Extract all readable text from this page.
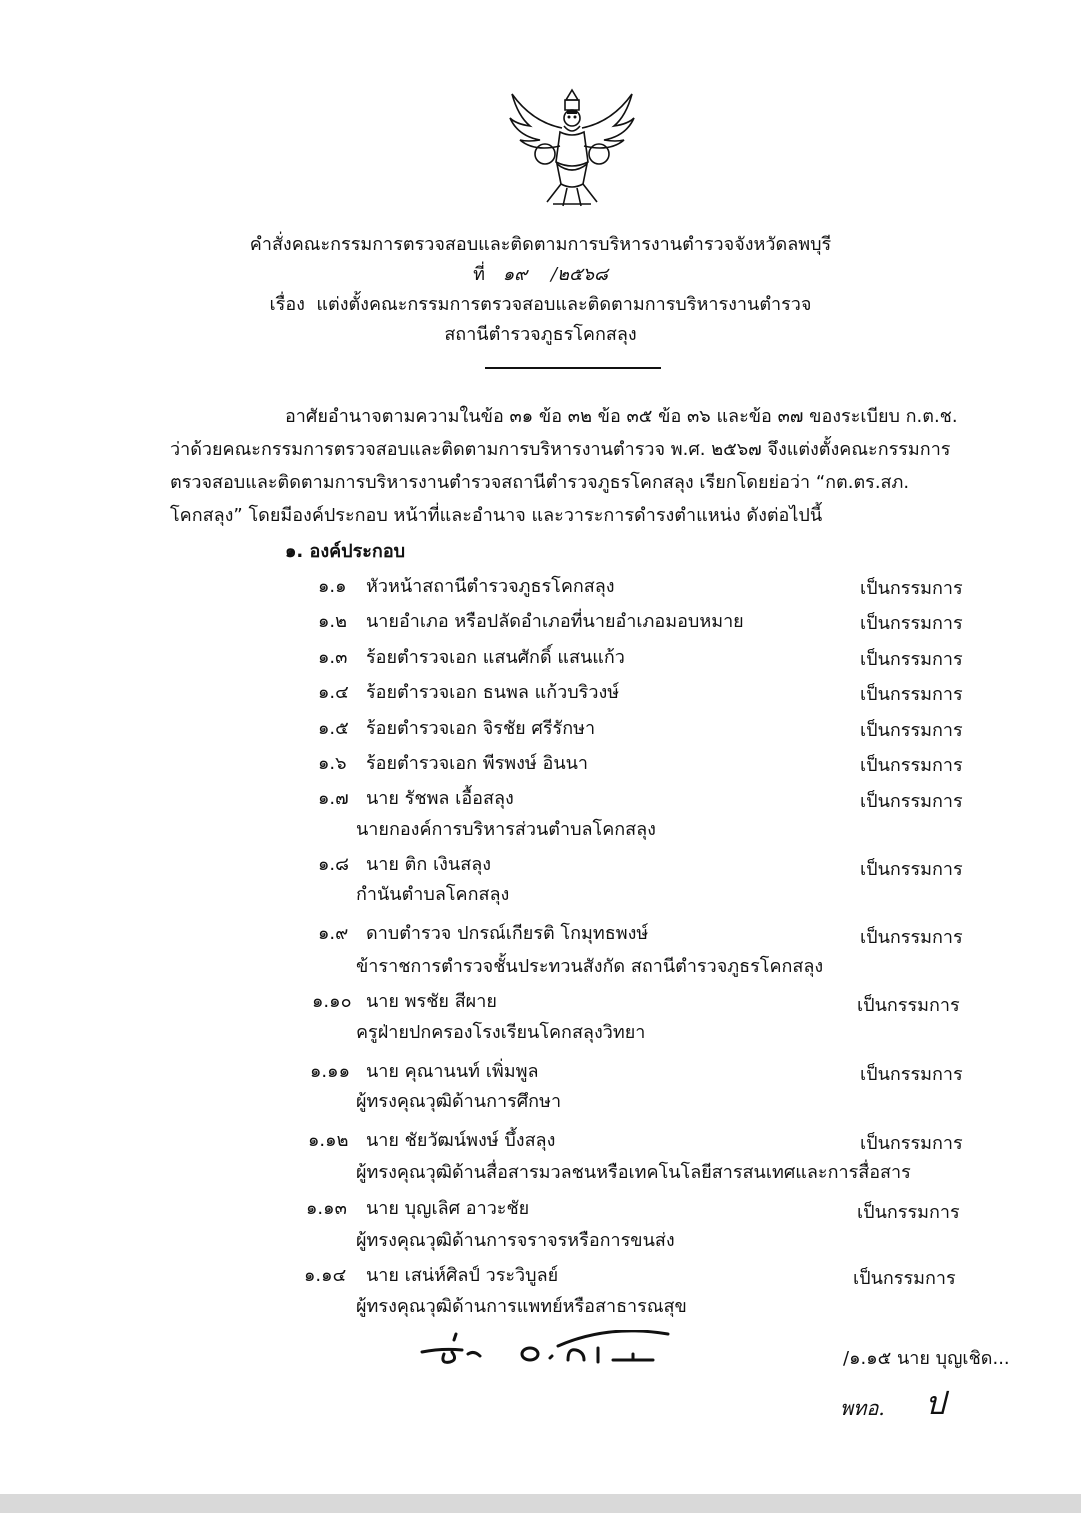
คำสั่งคณะกรรมการตรวจสอบและติดตามการบริหารงานตำรวจจังหวัดลพบุรี
ที่ ๑๙ /๒๕๖๘
เรื่อง แต่งตั้งคณะกรรมการตรวจสอบและติดตามการบริหารงานตำรวจ
สถานีตำรวจภูธรโคกสลุง
อาศัยอำนาจตามความในข้อ ๓๑ ข้อ ๓๒ ข้อ ๓๕ ข้อ ๓๖ และข้อ ๓๗ ของระเบียบ ก.ต.ช.
ว่าด้วยคณะกรรมการตรวจสอบและติดตามการบริหารงานตำรวจ พ.ศ. ๒๕๖๗ จึงแต่งตั้งคณะกรรมการ
ตรวจสอบและติดตามการบริหารงานตำรวจสถานีตำรวจภูธรโคกสลุง เรียกโดยย่อว่า “กต.ตร.สภ.
โคกสลุง” โดยมีองค์ประกอบ หน้าที่และอำนาจ และวาระการดำรงตำแหน่ง ดังต่อไปนี้
๑. องค์ประกอบ
๑.๑ หัวหน้าสถานีตำรวจภูธรโคกสลุง	เป็นกรรมการ
๑.๒ นายอำเภอ หรือปลัดอำเภอที่นายอำเภอมอบหมาย	เป็นกรรมการ
๑.๓ ร้อยตำรวจเอก แสนศักดิ์ แสนแก้ว	เป็นกรรมการ
๑.๔ ร้อยตำรวจเอก ธนพล แก้วบริวงษ์	เป็นกรรมการ
๑.๕ ร้อยตำรวจเอก จิรชัย ศรีรักษา	เป็นกรรมการ
๑.๖ ร้อยตำรวจเอก พีรพงษ์ อินนา	เป็นกรรมการ
๑.๗ นาย รัชพล เอื้อสลุง
นายกองค์การบริหารส่วนตำบลโคกสลุง
เป็นกรรมการ
๑.๘ นาย ติก เงินสลุง
กำนันตำบลโคกสลุง
เป็นกรรมการ
๑.๙ ดาบตำรวจ ปกรณ์เกียรติ โกมุทธพงษ์
ข้าราชการตำรวจชั้นประทวนสังกัด สถานีตำรวจภูธรโคกสลุง
เป็นกรรมการ
๑.๑๐ นาย พรชัย สีผาย
ครูฝ่ายปกครองโรงเรียนโคกสลุงวิทยา
เป็นกรรมการ
๑.๑๑ นาย คุณานนท์ เพิ่มพูล
ผู้ทรงคุณวุฒิด้านการศึกษา
เป็นกรรมการ
๑.๑๒ นาย ชัยวัฒน์พงษ์ บึ้งสลุง
ผู้ทรงคุณวุฒิด้านสื่อสารมวลชนหรือเทคโนโลยีสารสนเทศและการสื่อสาร
เป็นกรรมการ
๑.๑๓ นาย บุญเลิศ อาวะชัย
ผู้ทรงคุณวุฒิด้านการจราจรหรือการขนส่ง
เป็นกรรมการ
๑.๑๔ นาย เสน่ห์ศิลป์ วระวิบูลย์
ผู้ทรงคุณวุฒิด้านการแพทย์หรือสาธารณสุข
เป็นกรรมการ
/๑.๑๕ นาย บุญเชิด...
พทอ. ป
